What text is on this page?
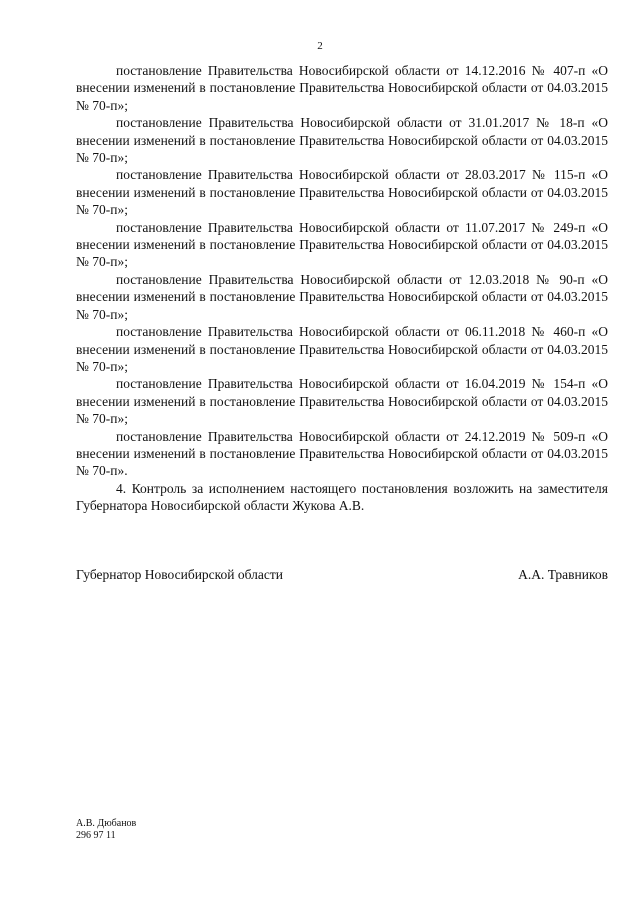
2

постановление Правительства Новосибирской области от 14.12.2016 № 407-п «О внесении изменений в постановление Правительства Новосибирской области от 04.03.2015 № 70-п»;

постановление Правительства Новосибирской области от 31.01.2017 № 18-п «О внесении изменений в постановление Правительства Новосибирской области от 04.03.2015 № 70-п»;

постановление Правительства Новосибирской области от 28.03.2017 № 115-п «О внесении изменений в постановление Правительства Новосибирской области от 04.03.2015 № 70-п»;

постановление Правительства Новосибирской области от 11.07.2017 № 249-п «О внесении изменений в постановление Правительства Новосибирской области от 04.03.2015 № 70-п»;

постановление Правительства Новосибирской области от 12.03.2018 № 90-п «О внесении изменений в постановление Правительства Новосибирской области от 04.03.2015 № 70-п»;

постановление Правительства Новосибирской области от 06.11.2018 № 460-п «О внесении изменений в постановление Правительства Новосибирской области от 04.03.2015 № 70-п»;

постановление Правительства Новосибирской области от 16.04.2019 № 154-п «О внесении изменений в постановление Правительства Новосибирской области от 04.03.2015 № 70-п»;

постановление Правительства Новосибирской области от 24.12.2019 № 509-п «О внесении изменений в постановление Правительства Новосибирской области от 04.03.2015 № 70-п».

4. Контроль за исполнением настоящего постановления возложить на заместителя Губернатора Новосибирской области Жукова А.В.

Губернатор Новосибирской области	А.А. Травников
А.В. Дюбанов
296 97 11
